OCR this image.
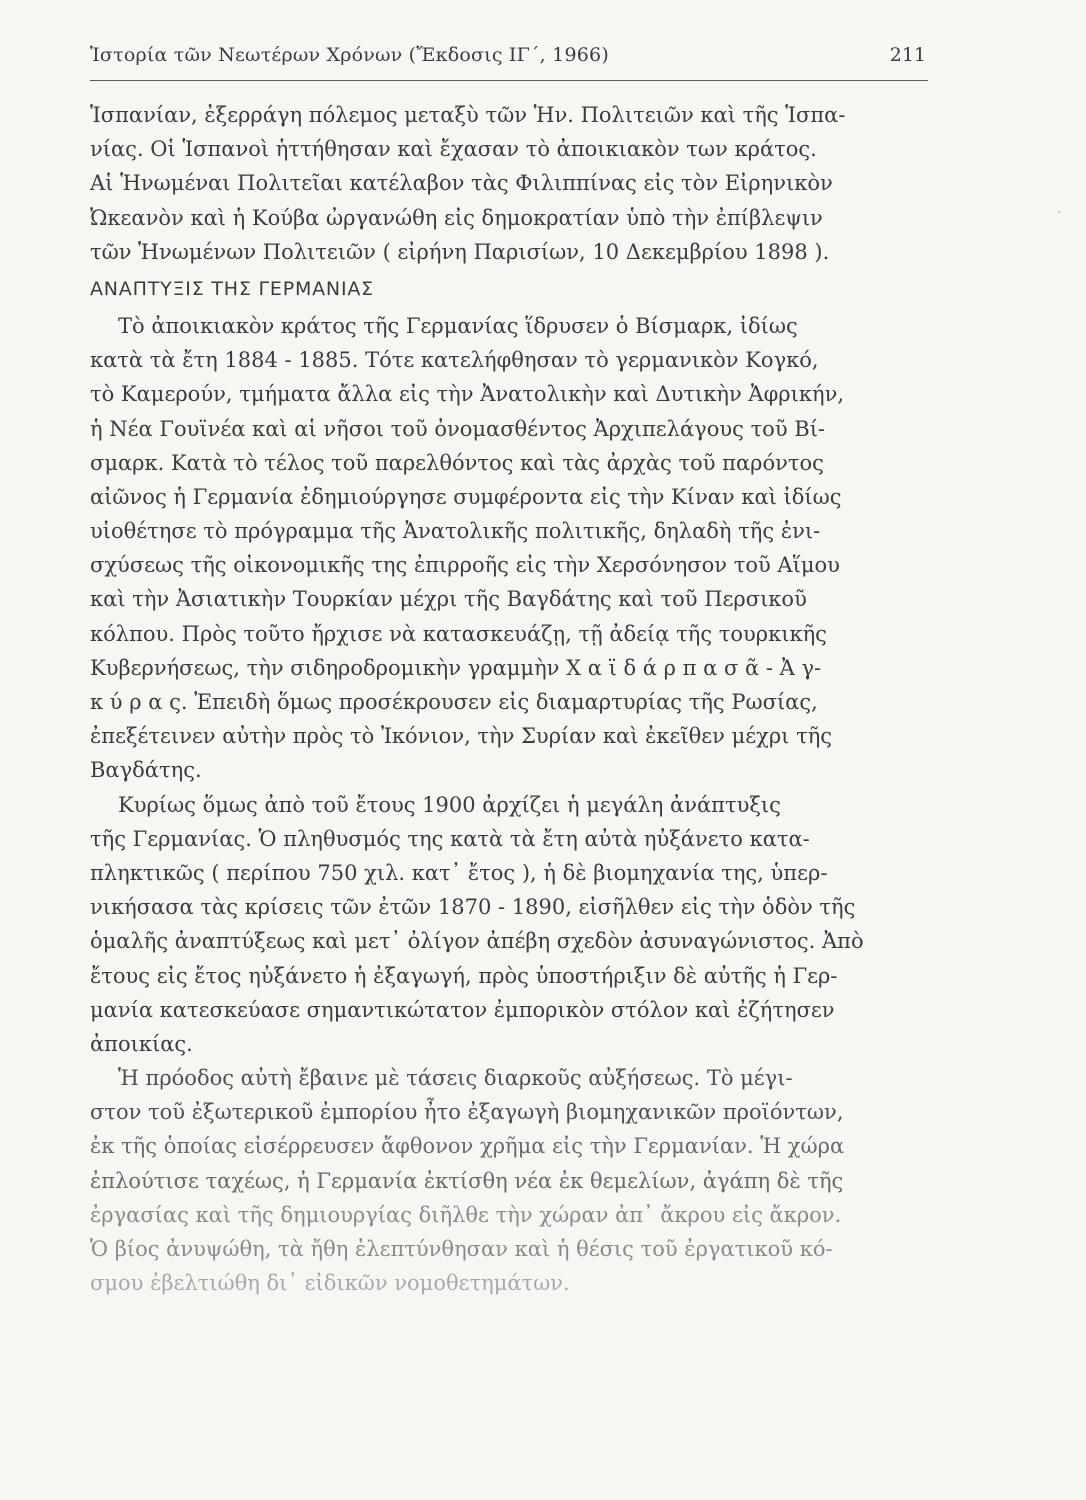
Ἱστορία τῶν Νεωτέρων Χρόνων (Ἔκδοσις ΙΓ΄, 1966)	211
·
Ἱσπανίαν, ἐξερράγη πόλεμος μεταξὺ τῶν Ἡν. Πολιτειῶν καὶ τῆς Ἱσπα-
νίας. Οἱ Ἱσπανοὶ ἡττήθησαν καὶ ἔχασαν τὸ ἀποικιακὸν των κράτος.
Αἱ Ἡνωμέναι Πολιτεῖαι κατέλαβον τὰς Φιλιππίνας εἰς τὸν Εἰρηνικὸν
Ὠκεανὸν καὶ ἡ Κούβα ὠργανώθη εἰς δημοκρατίαν ὑπὸ τὴν ἐπίβλεψιν
τῶν Ἡνωμένων Πολιτειῶν ( εἰρήνη Παρισίων, 10 Δεκεμβρίου 1898 ).
ΑΝΑΠΤΥΞΙΣ ΤΗΣ ΓΕΡΜΑΝΙΑΣ
Τὸ ἀποικιακὸν κράτος τῆς Γερμανίας ἵδρυσεν ὁ Βίσμαρκ, ἰδίως
κατὰ τὰ ἔτη 1884 - 1885. Τότε κατελήφθησαν τὸ γερμανικὸν Κογκό,
τὸ Καμερούν, τμήματα ἄλλα εἰς τὴν Ἀνατολικὴν καὶ Δυτικὴν Ἀφρικήν,
ἡ Νέα Γουϊνέα καὶ αἱ νῆσοι τοῦ ὀνομασθέντος Ἀρχιπελάγους τοῦ Βί-
σμαρκ. Κατὰ τὸ τέλος τοῦ παρελθόντος καὶ τὰς ἀρχὰς τοῦ παρόντος
αἰῶνος ἡ Γερμανία ἐδημιούργησε συμφέροντα εἰς τὴν Κίναν καὶ ἰδίως
υἱοθέτησε τὸ πρόγραμμα τῆς Ἀνατολικῆς πολιτικῆς, δηλαδὴ τῆς ἐνι-
σχύσεως τῆς οἰκονομικῆς της ἐπιρροῆς εἰς τὴν Χερσόνησον τοῦ Αἵμου
καὶ τὴν Ἀσιατικὴν Τουρκίαν μέχρι τῆς Βαγδάτης καὶ τοῦ Περσικοῦ
κόλπου. Πρὸς τοῦτο ἤρχισε νὰ κατασκευάζῃ, τῇ ἀδείᾳ τῆς τουρκικῆς
Κυβερνήσεως, τὴν σιδηροδρομικὴν γραμμὴν Χ α ϊ δ ά ρ π α σ ᾶ - Ἀ γ-
κ ύ ρ α ς. Ἐπειδὴ ὅμως προσέκρουσεν εἰς διαμαρτυρίας τῆς Ρωσίας,
ἐπεξέτεινεν αὐτὴν πρὸς τὸ Ἰκόνιον, τὴν Συρίαν καὶ ἐκεῖθεν μέχρι τῆς
Βαγδάτης.
Κυρίως ὅμως ἀπὸ τοῦ ἔτους 1900 ἀρχίζει ἡ μεγάλη ἀνάπτυξις
τῆς Γερμανίας. Ὁ πληθυσμός της κατὰ τὰ ἔτη αὐτὰ ηὐξάνετο κατα-
πληκτικῶς ( περίπου 750 χιλ. κατ᾽ ἔτος ), ἡ δὲ βιομηχανία της, ὑπερ-
νικήσασα τὰς κρίσεις τῶν ἐτῶν 1870 - 1890, εἰσῆλθεν εἰς τὴν ὁδὸν τῆς
ὁμαλῆς ἀναπτύξεως καὶ μετ᾽ ὀλίγον ἀπέβη σχεδὸν ἀσυναγώνιστος. Ἀπὸ
ἔτους εἰς ἔτος ηὐξάνετο ἡ ἐξαγωγή, πρὸς ὑποστήριξιν δὲ αὐτῆς ἡ Γερ-
μανία κατεσκεύασε σημαντικώτατον ἐμπορικὸν στόλον καὶ ἐζήτησεν
ἀποικίας.
Ἡ πρόοδος αὐτὴ ἔβαινε μὲ τάσεις διαρκοῦς αὐξήσεως. Τὸ μέγι-
στον τοῦ ἐξωτερικοῦ ἐμπορίου ἦτο ἐξαγωγὴ βιομηχανικῶν προϊόντων,
ἐκ τῆς ὁποίας εἰσέρρευσεν ἄφθονον χρῆμα εἰς τὴν Γερμανίαν. Ἡ χώρα
ἐπλούτισε ταχέως, ἡ Γερμανία ἐκτίσθη νέα ἐκ θεμελίων, ἀγάπη δὲ τῆς
ἐργασίας καὶ τῆς δημιουργίας διῆλθε τὴν χώραν ἀπ᾽ ἄκρου εἰς ἄκρον.
Ὁ βίος ἀνυψώθη, τὰ ἤθη ἐλεπτύνθησαν καὶ ἡ θέσις τοῦ ἐργατικοῦ κό-
σμου ἐβελτιώθη δι᾽ εἰδικῶν νομοθετημάτων.
